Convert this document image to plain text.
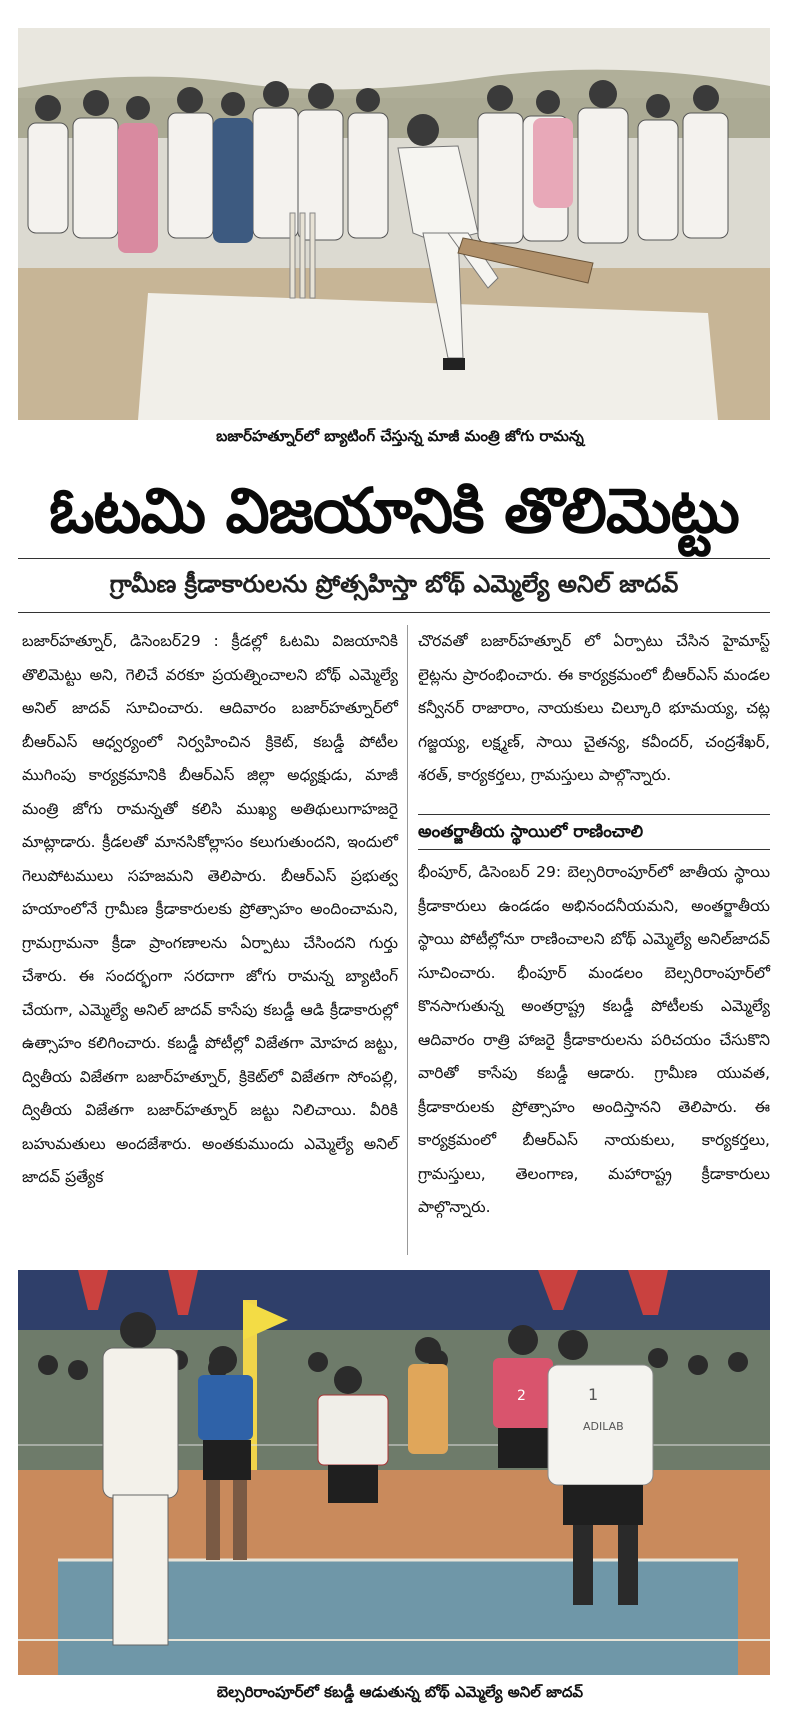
బజార్‌హత్నూర్‌లో బ్యాటింగ్ చేస్తున్న మాజీ మంత్రి జోగు రామన్న
ఓటమి విజయానికి తొలిమెట్టు
గ్రామీణ క్రీడాకారులను ప్రోత్సహిస్తా బోథ్ ఎమ్మెల్యే అనిల్ జాదవ్

బజార్‌హత్నూర్, డిసెంబర్29 : క్రీడల్లో ఓటమి విజయానికి తొలిమెట్టు అని, గెలిచే వరకూ ప్రయత్నించాలని బోథ్ ఎమ్మెల్యే అనిల్ జాదవ్ సూచించారు. ఆదివారం బజార్‌హత్నూర్‌లో బీఆర్ఎస్ ఆధ్వర్యంలో నిర్వహించిన క్రికెట్, కబడ్డీ పోటీల ముగింపు కార్యక్రమానికి బీఆర్ఎస్ జిల్లా అధ్యక్షుడు, మాజీ మంత్రి జోగు రామన్నతో కలిసి ముఖ్య అతిథులుగాహజరై మాట్లాడారు. క్రీడలతో మానసికోల్లాసం కలుగుతుందని, ఇందులో గెలుపోటములు సహజమని తెలిపారు. బీఆర్ఎస్ ప్రభుత్వ హయాంలోనే గ్రామీణ క్రీడాకారులకు ప్రోత్సాహం అందించామని, గ్రామగ్రామనా క్రీడా ప్రాంగణాలను ఏర్పాటు చేసిందని గుర్తు చేశారు. ఈ సందర్భంగా సరదాగా జోగు రామన్న బ్యాటింగ్ చేయగా, ఎమ్మెల్యే అనిల్ జాదవ్ కాసేపు కబడ్డీ ఆడి క్రీడాకారుల్లో ఉత్సాహం కలిగించారు. కబడ్డీ పోటీల్లో విజేతగా మోహద జట్టు, ద్వితీయ విజేతగా బజార్‌హత్నూర్, క్రికెట్‌లో విజేతగా సోంపల్లి, ద్వితీయ విజేతగా బజార్‌హత్నూర్ జట్టు నిలిచాయి. వీరికి బహుమతులు అందజేశారు. అంతకుముందు ఎమ్మెల్యే అనిల్ జాదవ్ ప్రత్యేక

చొరవతో బజార్‌హత్నూర్ లో ఏర్పాటు చేసిన హైమాస్ట్ లైట్లను ప్రారంభించారు. ఈ కార్యక్రమంలో బీఆర్ఎస్ మండల కన్వీనర్ రాజారాం, నాయకులు చిల్కూరి భూమయ్య, చట్ల గజ్జయ్య, లక్ష్మణ్, సాయి చైతన్య, కవీందర్, చంద్రశేఖర్, శరత్, కార్యకర్తలు, గ్రామస్తులు పాల్గొన్నారు.

అంతర్జాతీయ స్థాయిలో రాణించాలి

భీంపూర్, డిసెంబర్ 29: బెల్సరిరాంపూర్‌లో జాతీయ స్థాయి క్రీడాకారులు ఉండడం అభినందనీయమని, అంతర్జాతీయ స్థాయి పోటీల్లోనూ రాణించాలని బోథ్ ఎమ్మెల్యే అనిల్‌జాదవ్ సూచించారు. భీంపూర్ మండలం బెల్సరిరాంపూర్‌లో కొనసాగుతున్న అంతర్రాష్ట్ర కబడ్డీ పోటీలకు ఎమ్మెల్యే ఆదివారం రాత్రి హాజరై క్రీడాకారులను పరిచయం చేసుకొని వారితో కాసేపు కబడ్డీ ఆడారు. గ్రామీణ యువత, క్రీడాకారులకు ప్రోత్సాహం అందిస్తానని తెలిపారు. ఈ కార్యక్రమంలో బీఆర్ఎస్ నాయకులు, కార్యకర్తలు, గ్రామస్తులు, తెలంగాణ, మహారాష్ట్ర క్రీడాకారులు పాల్గొన్నారు.

2	1
ADILAB
బెల్సరిరాంపూర్‌లో కబడ్డీ ఆడుతున్న బోథ్ ఎమ్మెల్యే అనిల్ జాదవ్
